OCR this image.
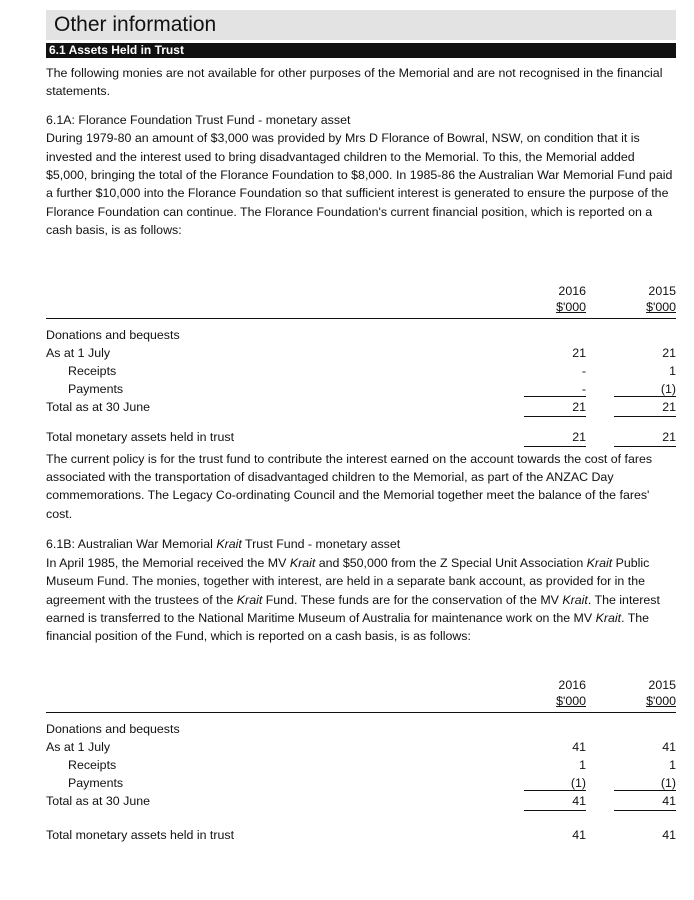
Other information
6.1 Assets Held in Trust

The following monies are not available for other purposes of the Memorial and are not recognised in the financial statements.

6.1A: Florance Foundation Trust Fund - monetary asset

During 1979-80 an amount of $3,000 was provided by Mrs D Florance of Bowral, NSW, on condition that it is invested and the interest used to bring disadvantaged children to the Memorial. To this, the Memorial added $5,000, bringing the total of the Florance Foundation to $8,000. In 1985-86 the Australian War Memorial Fund paid a further $10,000 into the Florance Foundation so that sufficient interest is generated to ensure the purpose of the Florance Foundation can continue. The Florance Foundation's current financial position, which is reported on a cash basis, is as follows:

2016	2015
$'000	$'000
Donations and bequests
As at 1 July	21	21
Receipts	-	1
Payments	-	(1)
Total as at 30 June	21	21
Total monetary assets held in trust	21	21

The current policy is for the trust fund to contribute the interest earned on the account towards the cost of fares associated with the transportation of disadvantaged children to the Memorial, as part of the ANZAC Day commemorations. The Legacy Co-ordinating Council and the Memorial together meet the balance of the fares' cost.

6.1B: Australian War Memorial Krait Trust Fund - monetary asset

In April 1985, the Memorial received the MV Krait and $50,000 from the Z Special Unit Association Krait Public Museum Fund. The monies, together with interest, are held in a separate bank account, as provided for in the agreement with the trustees of the Krait Fund. These funds are for the conservation of the MV Krait. The interest earned is transferred to the National Maritime Museum of Australia for maintenance work on the MV Krait. The financial position of the Fund, which is reported on a cash basis, is as follows:

2016	2015
$'000	$'000
Donations and bequests
As at 1 July	41	41
Receipts	1	1
Payments	(1)	(1)
Total as at 30 June	41	41
Total monetary assets held in trust	41	41
